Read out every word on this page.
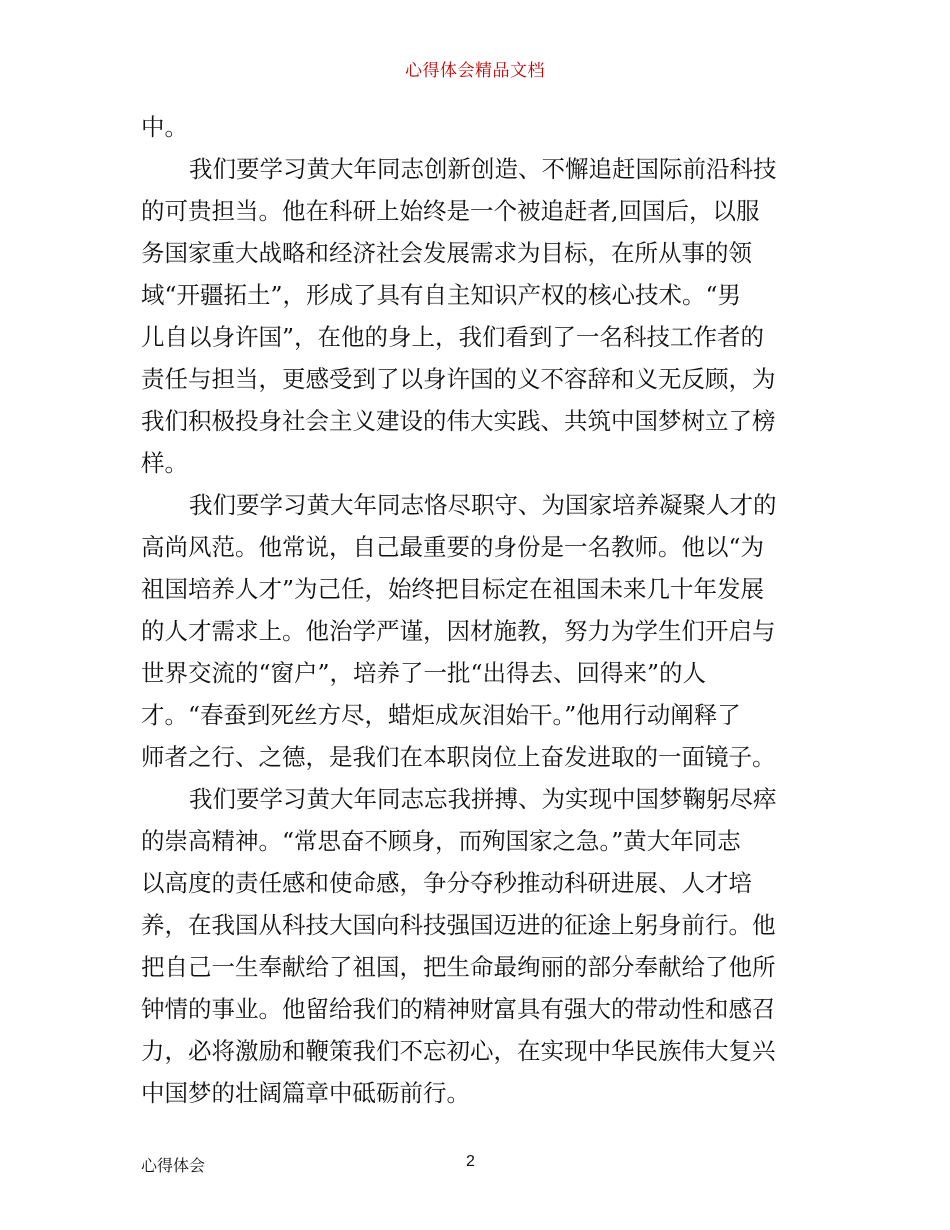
心得体会精品文档
中。
我们要学习黄大年同志创新创造、不懈追赶国际前沿科技
的可贵担当。他在科研上始终是一个被追赶者,回国后，以服
务国家重大战略和经济社会发展需求为目标，在所从事的领
域“开疆拓土”，形成了具有自主知识产权的核心技术。“男
儿自以身许国”，在他的身上，我们看到了一名科技工作者的
责任与担当，更感受到了以身许国的义不容辞和义无反顾，为
我们积极投身社会主义建设的伟大实践、共筑中国梦树立了榜
样。
我们要学习黄大年同志恪尽职守、为国家培养凝聚人才的
高尚风范。他常说，自己最重要的身份是一名教师。他以“为
祖国培养人才”为己任，始终把目标定在祖国未来几十年发展
的人才需求上。他治学严谨，因材施教，努力为学生们开启与
世界交流的“窗户”，培养了一批“出得去、回得来”的人
才。“春蚕到死丝方尽，蜡炬成灰泪始干。”他用行动阐释了
师者之行、之德，是我们在本职岗位上奋发进取的一面镜子。
我们要学习黄大年同志忘我拼搏、为实现中国梦鞠躬尽瘁
的崇高精神。“常思奋不顾身，而殉国家之急。”黄大年同志
以高度的责任感和使命感，争分夺秒推动科研进展、人才培
养，在我国从科技大国向科技强国迈进的征途上躬身前行。他
把自己一生奉献给了祖国，把生命最绚丽的部分奉献给了他所
钟情的事业。他留给我们的精神财富具有强大的带动性和感召
力，必将激励和鞭策我们不忘初心，在实现中华民族伟大复兴
中国梦的壮阔篇章中砥砺前行。
心得体会	2
